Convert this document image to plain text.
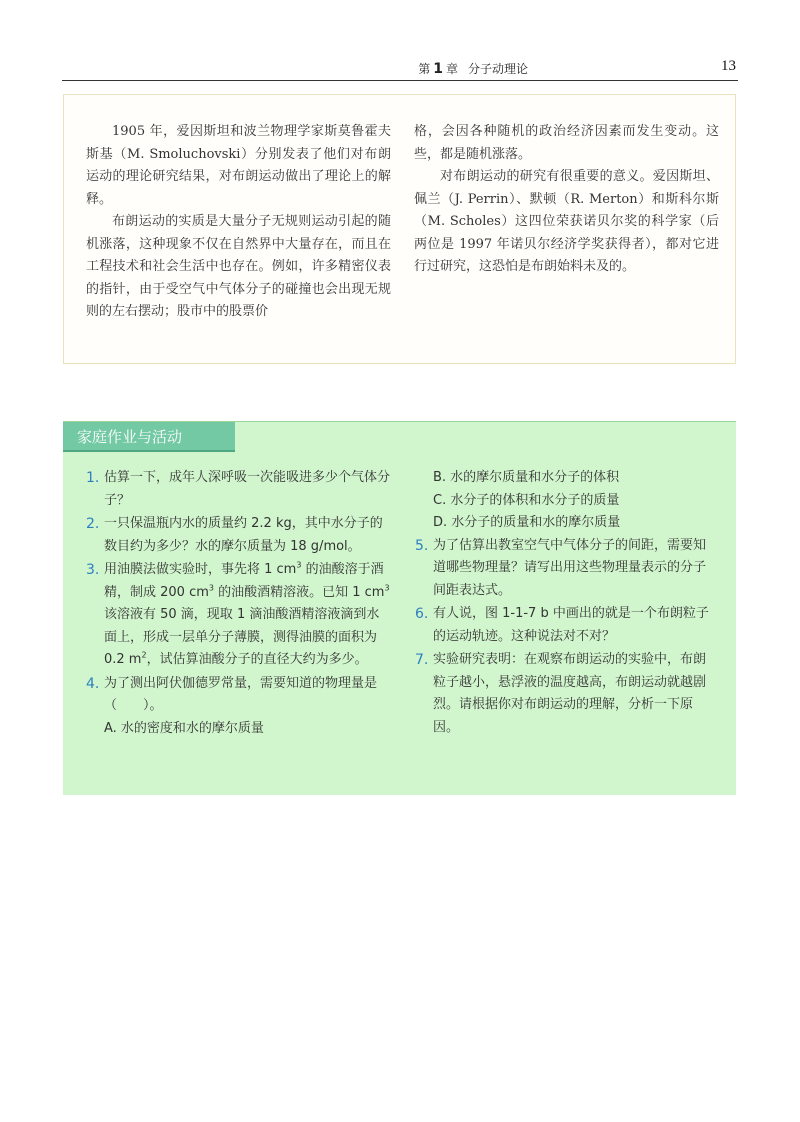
第 1 章 分子动理论	13

1905 年，爱因斯坦和波兰物理学家斯莫鲁霍夫斯基（M. Smoluchovski）分别发表了他们对布朗运动的理论研究结果，对布朗运动做出了理论上的解释。

布朗运动的实质是大量分子无规则运动引起的随机涨落，这种现象不仅在自然界中大量存在，而且在工程技术和社会生活中也存在。例如，许多精密仪表的指针，由于受空气中气体分子的碰撞也会出现无规则的左右摆动；股市中的股票价

格，会因各种随机的政治经济因素而发生变动。这些，都是随机涨落。

对布朗运动的研究有很重要的意义。爱因斯坦、佩兰（J. Perrin）、默顿（R. Merton）和斯科尔斯（M. Scholes）这四位荣获诺贝尔奖的科学家（后两位是 1997 年诺贝尔经济学奖获得者），都对它进行过研究，这恐怕是布朗始料未及的。

家庭作业与活动
1. 估算一下，成年人深呼吸一次能吸进多少个气体分子？

2. 一只保温瓶内水的质量约 2.2 kg，其中水分子的数目约为多少？水的摩尔质量为 18 g/mol。

3. 用油膜法做实验时，事先将 1 $cm^3$ 的油酸溶于酒精，制成 200 $cm^3$ 的油酸酒精溶液。已知 1 $cm^3$ 该溶液有 50 滴，现取 1 滴油酸酒精溶液滴到水面上，形成一层单分子薄膜，测得油膜的面积为 0.2 $m^2$，试估算油酸分子的直径大约为多少。

4. 为了测出阿伏伽德罗常量，需要知道的物理量是（　　）。

A. 水的密度和水的摩尔质量

B. 水的摩尔质量和水分子的体积

C. 水分子的体积和水分子的质量

D. 水分子的质量和水的摩尔质量

5. 为了估算出教室空气中气体分子的间距，需要知道哪些物理量？请写出用这些物理量表示的分子间距表达式。

6. 有人说，图 1-1-7 b 中画出的就是一个布朗粒子的运动轨迹。这种说法对不对？

7. 实验研究表明：在观察布朗运动的实验中，布朗粒子越小，悬浮液的温度越高，布朗运动就越剧烈。请根据你对布朗运动的理解，分析一下原因。
